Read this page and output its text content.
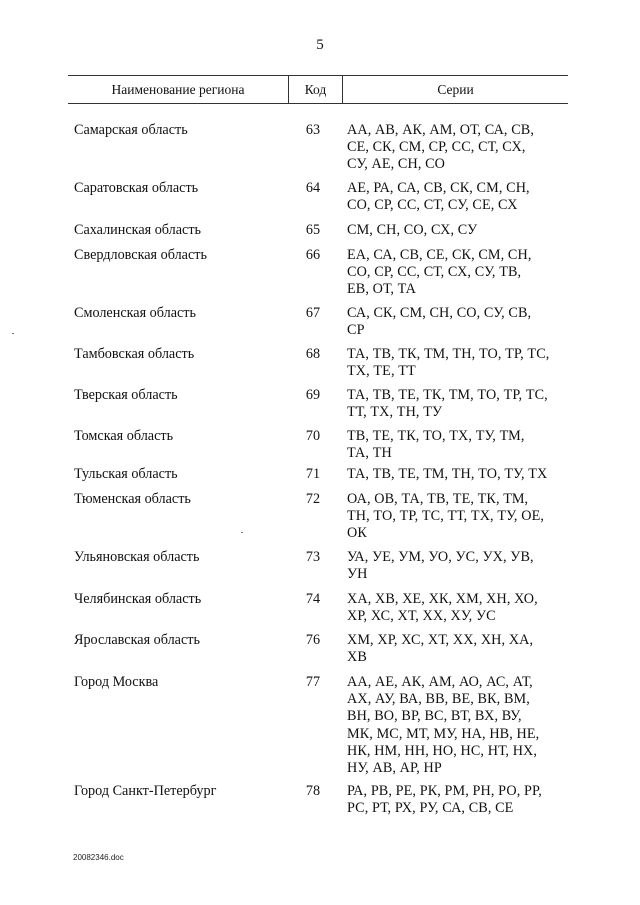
5
Наименование региона	Код	Серии
Самарская область	63	АА, АВ, АК, АМ, ОТ, СА, СВ,
СЕ, СК, СМ, СР, СС, СТ, СХ,
СУ, АЕ, СН, СО
Саратовская область	64	АЕ, РА, СА, СВ, СК, СМ, СН,
СО, СР, СС, СТ, СУ, СЕ, СХ
Сахалинская область	65	СМ, СН, СО, СХ, СУ
Свердловская область	66	ЕА, СА, СВ, СЕ, СК, СМ, СН,
СО, СР, СС, СТ, СХ, СУ, ТВ,
ЕВ, ОТ, ТА
Смоленская область	67	СА, СК, СМ, СН, СО, СУ, СВ,
СР
Тамбовская область	68	ТА, ТВ, ТК, ТМ, ТН, ТО, ТР, ТС,
ТХ, ТЕ, ТТ
Тверская область	69	ТА, ТВ, ТЕ, ТК, ТМ, ТО, ТР, ТС,
ТТ, ТХ, ТН, ТУ
Томская область	70	ТВ, ТЕ, ТК, ТО, ТХ, ТУ, ТМ,
ТА, ТН
Тульская область	71	ТА, ТВ, ТЕ, ТМ, ТН, ТО, ТУ, ТХ
Тюменская область	72	ОА, ОВ, ТА, ТВ, ТЕ, ТК, ТМ,
ТН, ТО, ТР, ТС, ТТ, ТХ, ТУ, ОЕ,
ОК
Ульяновская область	73	УА, УЕ, УМ, УО, УС, УХ, УВ,
УН
Челябинская область	74	ХА, ХВ, ХЕ, ХК, ХМ, ХН, ХО,
ХР, ХС, ХТ, ХХ, ХУ, УС
Ярославская область	76	ХМ, ХР, ХС, ХТ, ХХ, ХН, ХА,
ХВ
Город Москва	77	АА, АЕ, АК, АМ, АО, АС, АТ,
АХ, АУ, ВА, ВВ, ВЕ, ВК, ВМ,
ВН, ВО, ВР, ВС, ВТ, ВХ, ВУ,
МК, МС, МТ, МУ, НА, НВ, НЕ,
НК, НМ, НН, НО, НС, НТ, НХ,
НУ, АВ, АР, НР
Город Санкт-Петербург	78	РА, РВ, РЕ, РК, РМ, РН, РО, РР,
РС, РТ, РХ, РУ, СА, СВ, СЕ
20082346.doc
